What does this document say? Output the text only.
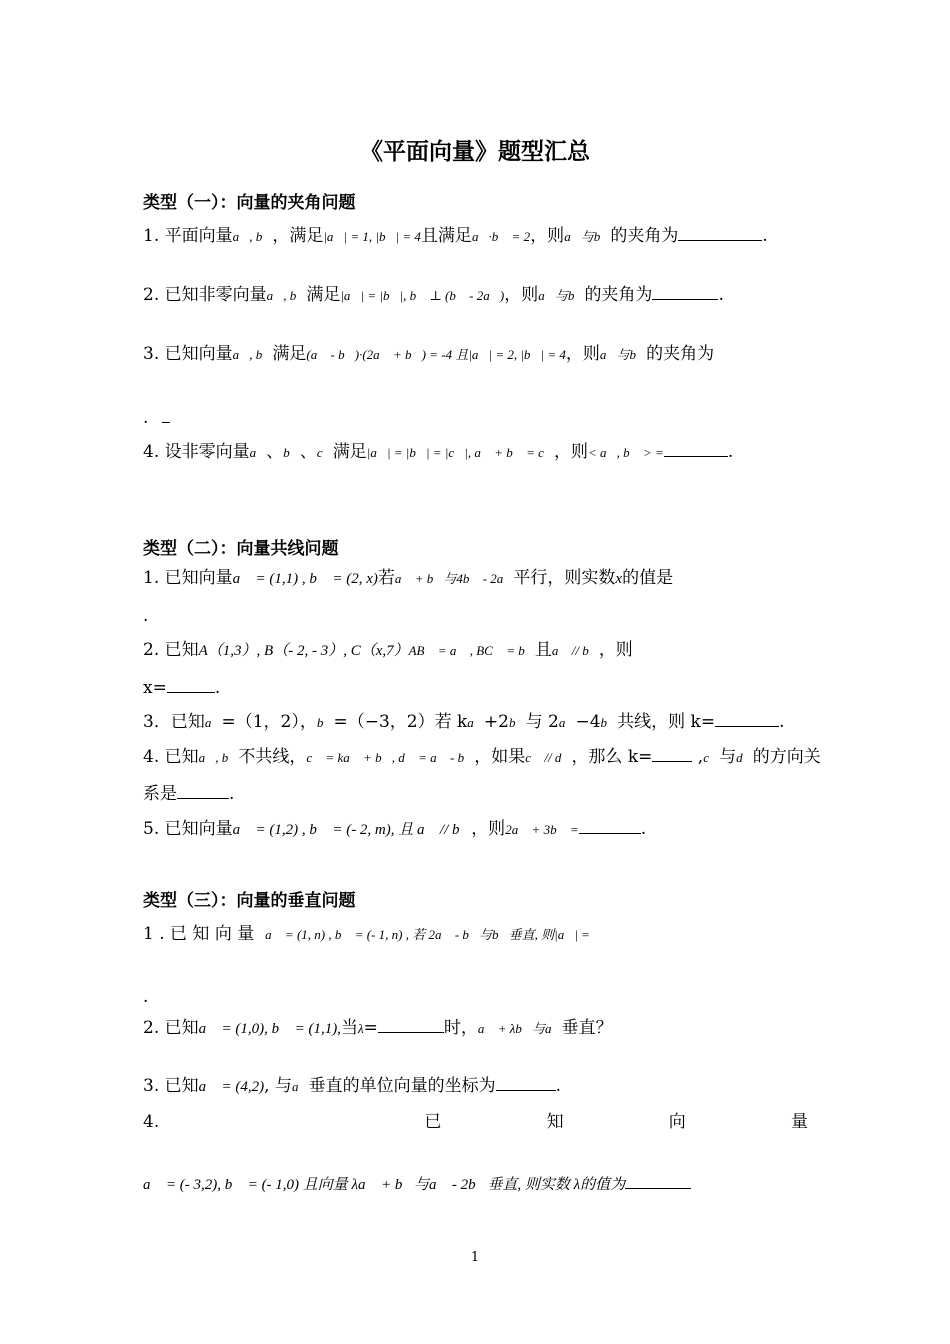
《平面向量》题型汇总
类型（一）：向量的夹角问题
1. 平面向量a⃗, b⃗，满足|a⃗| = 1, |b⃗| = 4且满足a⃗·b⃗ = 2，则a⃗与b⃗的夹角为	.
2. 已知非零向量a⃗, b⃗满足|a⃗| = |b⃗|, b⃗ ⊥ (b⃗ - 2a⃗)，则a⃗与b⃗的夹角为	.
3. 已知向量a⃗, b⃗满足(a⃗ - b⃗)·(2a⃗ + b⃗) = -4 且|a⃗| = 2, |b⃗| = 4，则a⃗与b⃗的夹角为
.
4. 设非零向量a⃗、b⃗、c⃗满足|a⃗| = |b⃗| = |c⃗|, a⃗ + b⃗ = c⃗，则< a⃗, b⃗ > =	.
类型（二）：向量共线问题
1. 已知向量a⃗ = (1,1) , b⃗ = (2, x)若a⃗ + b⃗与4b⃗ - 2a⃗平行，则实数x的值是
.
2. 已知A（1,3）, B（- 2, - 3）, C（x,7）AB⃗ = a⃗ , BC⃗ = b⃗且a⃗ // b⃗，则
x=	.
3．已知a⃗=（1，2），b⃗=（−3，2）若 ka⃗+2b⃗与 2a⃗−4b⃗共线，则 k=	.
4. 已知a⃗, b⃗不共线，c⃗ = ka⃗ + b⃗, d⃗ = a⃗ - b⃗，如果c⃗ // d⃗，那么 k= ,c⃗与d⃗的方向关
系是	.
5. 已知向量a⃗ = (1,2) , b⃗ = (- 2, m), 且 a⃗ // b⃗，则2a⃗ + 3b⃗ =	.
类型（三）：向量的垂直问题
1 . 已 知 向 量 a⃗ = (1, n) , b⃗ = (- 1, n) , 若 2a⃗ - b⃗与b⃗垂直, 则|a⃗| =
.
2. 已知a⃗ = (1,0), b⃗ = (1,1),当λ=	时，a⃗ + λb⃗与a⃗垂直？
3. 已知a⃗ = (4,2), 与a⃗垂直的单位向量的坐标为	.
4.	已	知	向	量
a⃗ = (- 3,2), b⃗ = (- 1,0) 且向量 λa⃗ + b⃗与a⃗ - 2b⃗垂直, 则实数 λ的值为
1
